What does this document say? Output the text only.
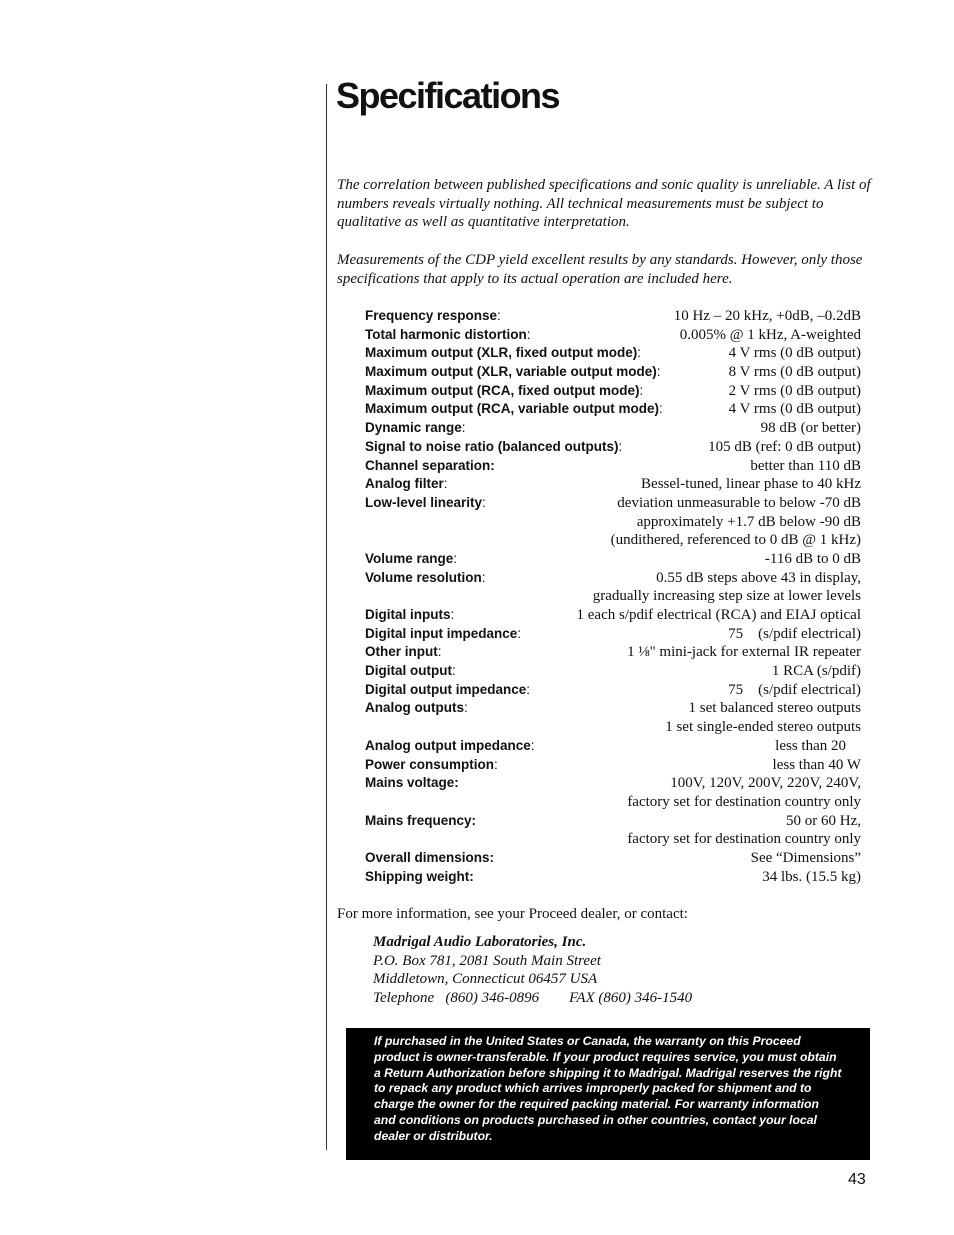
Specifications

The correlation between published specifications and sonic quality is unreliable. A list of numbers reveals virtually nothing. All technical measurements must be subject to qualitative as well as quantitative interpretation.

Measurements of the CDP yield excellent results by any standards. However, only those specifications that apply to its actual operation are included here.

Frequency response:	10 Hz – 20 kHz, +0dB, –0.2dB
Total harmonic distortion:	0.005% @ 1 kHz, A-weighted
Maximum output (XLR, fixed output mode):	4 V rms (0 dB output)
Maximum output (XLR, variable output mode):	8 V rms (0 dB output)
Maximum output (RCA, fixed output mode):	2 V rms (0 dB output)
Maximum output (RCA, variable output mode):	4 V rms (0 dB output)
Dynamic range:	98 dB (or better)
Signal to noise ratio (balanced outputs):	105 dB (ref: 0 dB output)
Channel separation:	better than 110 dB
Analog filter:	Bessel-tuned, linear phase to 40 kHz
Low-level linearity:	deviation unmeasurable to below -70 dB
approximately +1.7 dB below -90 dB
(undithered, referenced to 0 dB @ 1 kHz)
Volume range:	-116 dB to 0 dB
Volume resolution:	0.55 dB steps above 43 in display,
gradually increasing step size at lower levels
Digital inputs:	1 each s/pdif electrical (RCA) and EIAJ optical
Digital input impedance:	75    (s/pdif electrical)
Other input:	1 ⅛" mini-jack for external IR repeater
Digital output:	1 RCA (s/pdif)
Digital output impedance:	75    (s/pdif electrical)
Analog outputs:	1 set balanced stereo outputs
1 set single-ended stereo outputs
Analog output impedance:	less than 20
Power consumption:	less than 40 W
Mains voltage:	100V, 120V, 200V, 220V, 240V,
factory set for destination country only
Mains frequency:	50 or 60 Hz,
factory set for destination country only
Overall dimensions:	See “Dimensions”
Shipping weight:	34 lbs. (15.5 kg)

For more information, see your Proceed dealer, or contact:

Madrigal Audio Laboratories, Inc.
P.O. Box 781, 2081 South Main Street
Middletown, Connecticut 06457 USA
Telephone   (860) 346-0896 FAX (860) 346-1540

If purchased in the United States or Canada, the warranty on this Proceed product is owner-transferable. If your product requires service, you must obtain a Return Authorization before shipping it to Madrigal. Madrigal reserves the right to repack any product which arrives improperly packed for shipment and to charge the owner for the required packing material. For warranty information and conditions on products purchased in other countries, contact your local dealer or distributor.

43
